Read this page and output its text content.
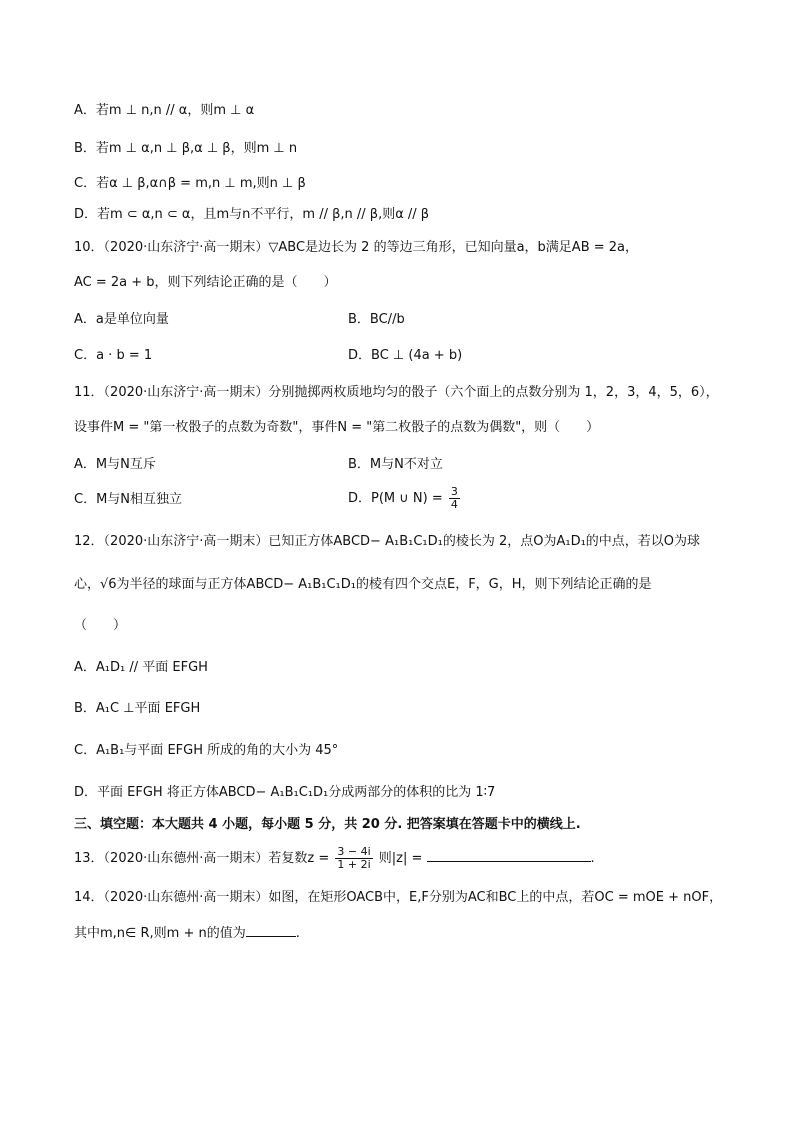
A．若m ⊥ n,n // α，则m ⊥ α
B．若m ⊥ α,n ⊥ β,α ⊥ β，则m ⊥ n
C．若α ⊥ β,α∩β = m,n ⊥ m,则n ⊥ β
D．若m ⊂ α,n ⊂ α，且m与n不平行，m // β,n // β,则α // β
10．（2020·山东济宁·高一期末）▽ABC是边长为 2 的等边三角形，已知向量a，b满足AB = 2a，
AC = 2a + b，则下列结论正确的是（　　）
A．a是单位向量	B．BC//b
C．a · b = 1	D．BC ⊥ (4a + b)
11．（2020·山东济宁·高一期末）分别抛掷两枚质地均匀的骰子（六个面上的点数分别为 1，2，3，4，5，6），
设事件M = "第一枚骰子的点数为奇数"，事件N = "第二枚骰子的点数为偶数"，则（　　）
A．M与N互斥	B．M与N不对立
C．M与N相互独立	D．P(M ∪ $N) = \frac{3}{4}$
12．（2020·山东济宁·高一期末）已知正方体ABCD− A₁B₁C₁D₁的棱长为 2，点O为A₁D₁的中点，若以O为球
心，√6为半径的球面与正方体ABCD− A₁B₁C₁D₁的棱有四个交点E，F，G，H，则下列结论正确的是
（　　）
A．A₁D₁ // 平面 EFGH
B．A₁C ⊥平面 EFGH
C．A₁B₁与平面 EFGH 所成的角的大小为 45°
D．平面 EFGH 将正方体ABCD− A₁B₁C₁D₁分成两部分的体积的比为 1∶7
三、填空题：本大题共 4 小题，每小题 5 分，共 20 分. 把答案填在答题卡中的横线上.
13．（2020·山东德州·高一期末）若复数$z = \frac{3 - 4i}{1 + 2i}$ 则|z| =	.
14．（2020·山东德州·高一期末）如图，在矩形OACB中，E,F分别为AC和BC上的中点，若OC = mOE + nOF，
其中m,n∈ R,则m + n的值为	.
